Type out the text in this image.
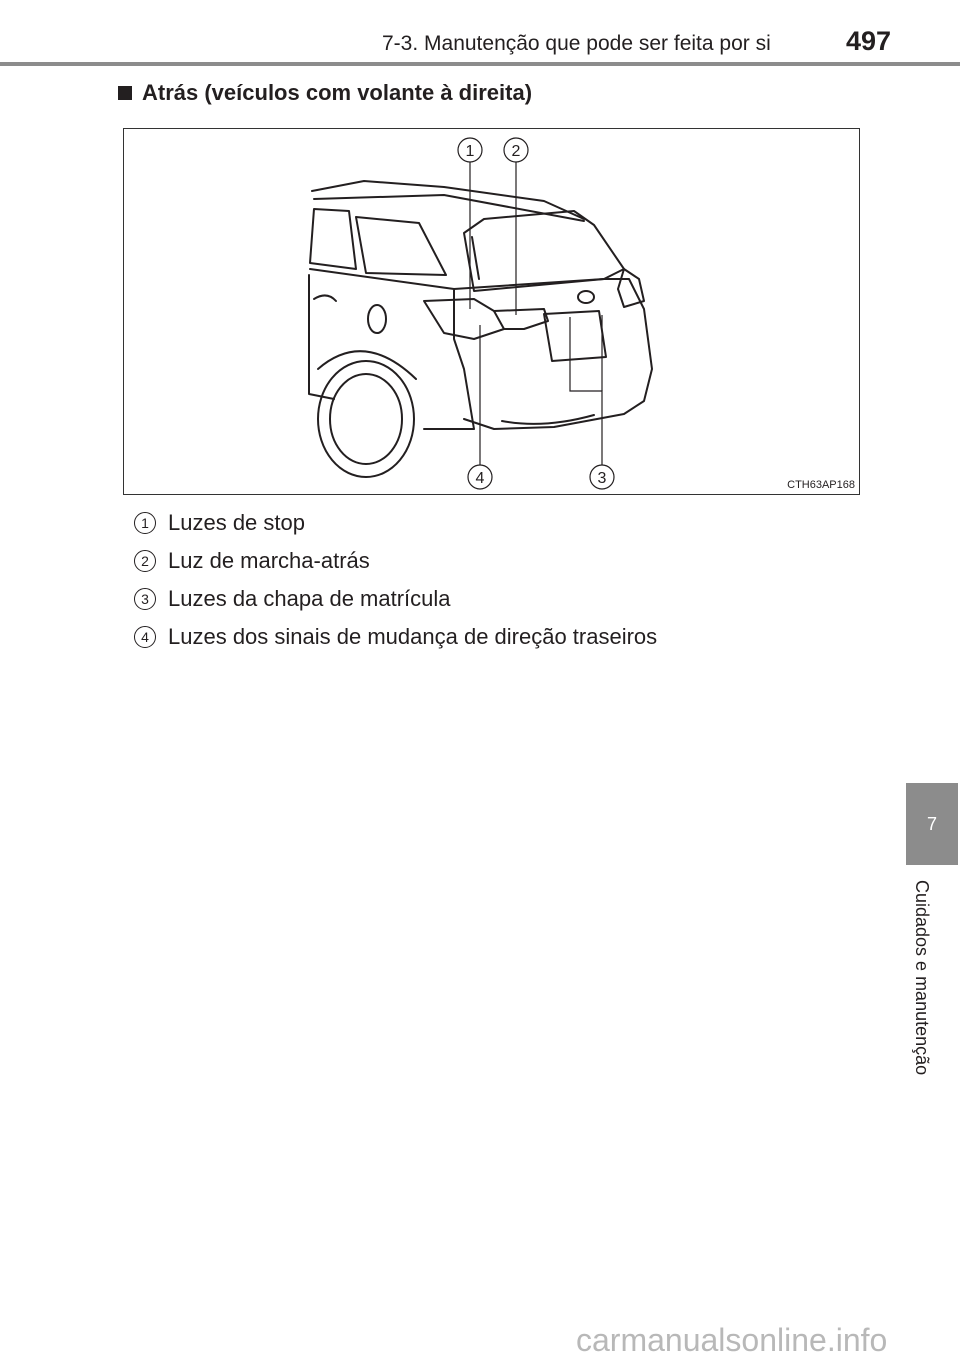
7-3. Manutenção que pode ser feita por si	497
Atrás (veículos com volante à direita)
1 2
3
4	CTH63AP168
1 Luzes de stop
2 Luz de marcha-atrás
3 Luzes da chapa de matrícula
4 Luzes dos sinais de mudança de direção traseiros
7
Cuidados e manutenção
carmanualsonline.info
